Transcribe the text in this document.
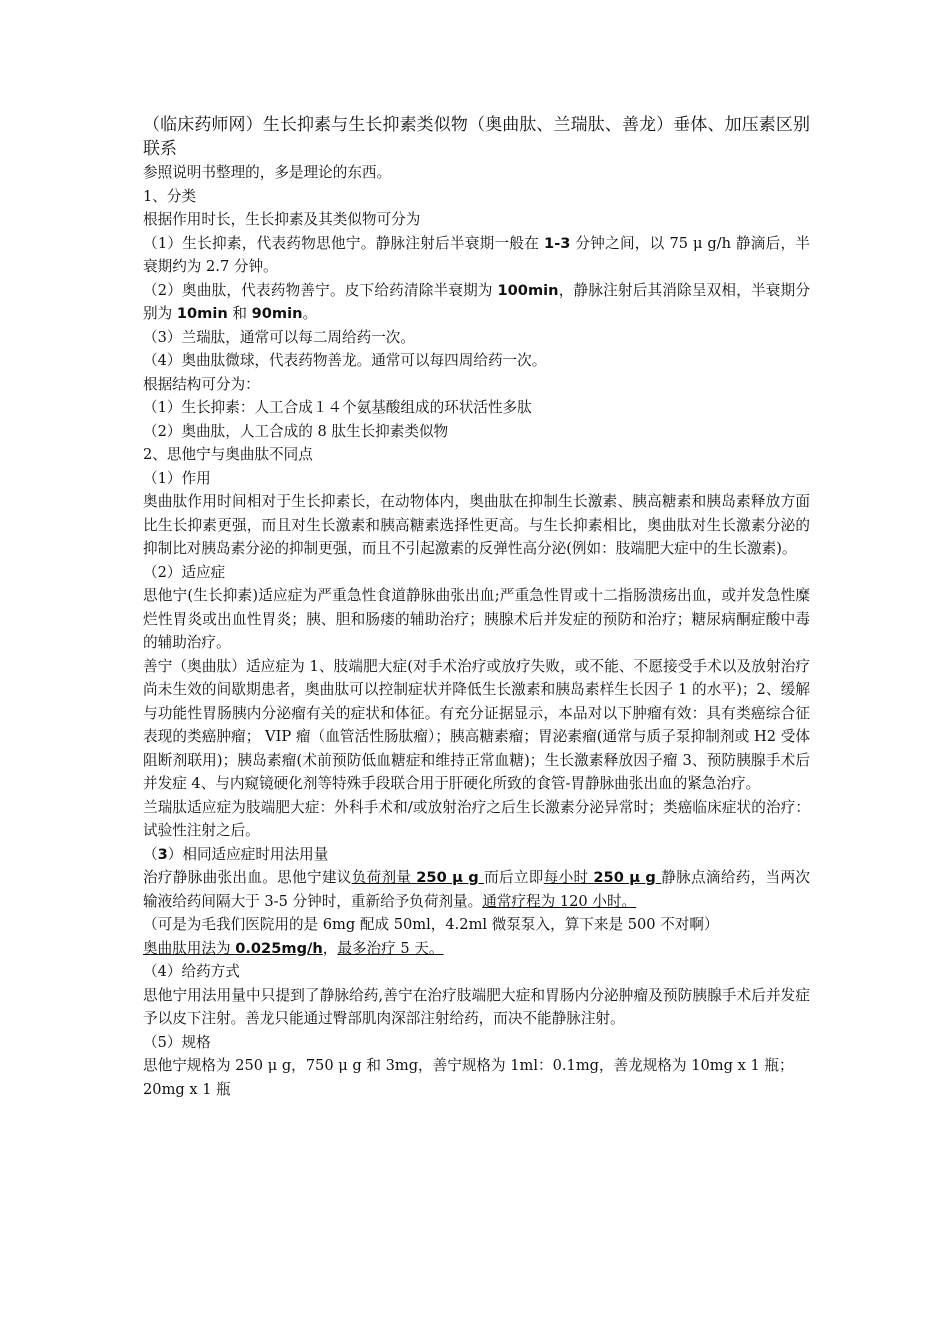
（临床药师网）生长抑素与生长抑素类似物（奥曲肽、兰瑞肽、善龙）垂体、加压素区别联系
参照说明书整理的，多是理论的东西。
1、分类
根据作用时长，生长抑素及其类似物可分为
（1）生长抑素，代表药物思他宁。静脉注射后半衰期一般在 1-3 分钟之间，以 75 μ g/h 静滴后，半衰期约为 2.7 分钟。
（2）奥曲肽，代表药物善宁。皮下给药清除半衰期为 100min，静脉注射后其消除呈双相，半衰期分别为 10min 和 90min。
（3）兰瑞肽，通常可以每二周给药一次。
（4）奥曲肽微球，代表药物善龙。通常可以每四周给药一次。
根据结构可分为：
（1）生长抑素：人工合成１４个氨基酸组成的环状活性多肽
（2）奥曲肽，人工合成的 8 肽生长抑素类似物
2、思他宁与奥曲肽不同点
（1）作用
奥曲肽作用时间相对于生长抑素长，在动物体内，奥曲肽在抑制生长激素、胰高糖素和胰岛素释放方面比生长抑素更强，而且对生长激素和胰高糖素选择性更高。与生长抑素相比，奥曲肽对生长激素分泌的抑制比对胰岛素分泌的抑制更强，而且不引起激素的反弹性高分泌(例如：肢端肥大症中的生长激素)。
（2）适应症
思他宁(生长抑素)适应症为严重急性食道静脉曲张出血;严重急性胃或十二指肠溃疡出血，或并发急性糜烂性胃炎或出血性胃炎；胰、胆和肠瘘的辅助治疗；胰腺术后并发症的预防和治疗；糖尿病酮症酸中毒的辅助治疗。
善宁（奥曲肽）适应症为 1、肢端肥大症(对手术治疗或放疗失败，或不能、不愿接受手术以及放射治疗尚未生效的间歇期患者，奥曲肽可以控制症状并降低生长激素和胰岛素样生长因子 1 的水平)；2、缓解与功能性胃肠胰内分泌瘤有关的症状和体征。有充分证据显示，本品对以下肿瘤有效：具有类癌综合征表现的类癌肿瘤； VIP 瘤（血管活性肠肽瘤）；胰高糖素瘤；胃泌素瘤(通常与质子泵抑制剂或 H2 受体阻断剂联用)；胰岛素瘤(术前预防低血糖症和维持正常血糖)；生长激素释放因子瘤 3、预防胰腺手术后并发症 4、与内窥镜硬化剂等特殊手段联合用于肝硬化所致的食管-胃静脉曲张出血的紧急治疗。
兰瑞肽适应症为肢端肥大症：外科手术和/或放射治疗之后生长激素分泌异常时；类癌临床症状的治疗：试验性注射之后。
（3）相同适应症时用法用量
治疗静脉曲张出血。思他宁建议负荷剂量 250 μ g 而后立即每小时 250 μ g 静脉点滴给药，当两次输液给药间隔大于 3-5 分钟时，重新给予负荷剂量。通常疗程为 120 小时。
（可是为毛我们医院用的是 6mg 配成 50ml，4.2ml 微泵泵入，算下来是 500 不对啊）
奥曲肽用法为 0.025mg/h，最多治疗 5 天。
（4）给药方式
思他宁用法用量中只提到了静脉给药,善宁在治疗肢端肥大症和胃肠内分泌肿瘤及预防胰腺手术后并发症予以皮下注射。善龙只能通过臀部肌肉深部注射给药，而决不能静脉注射。
（5）规格
思他宁规格为 250 μ g，750 μ g 和 3mg，善宁规格为 1ml：0.1mg，善龙规格为 10mg x 1 瓶；
20mg x 1 瓶
